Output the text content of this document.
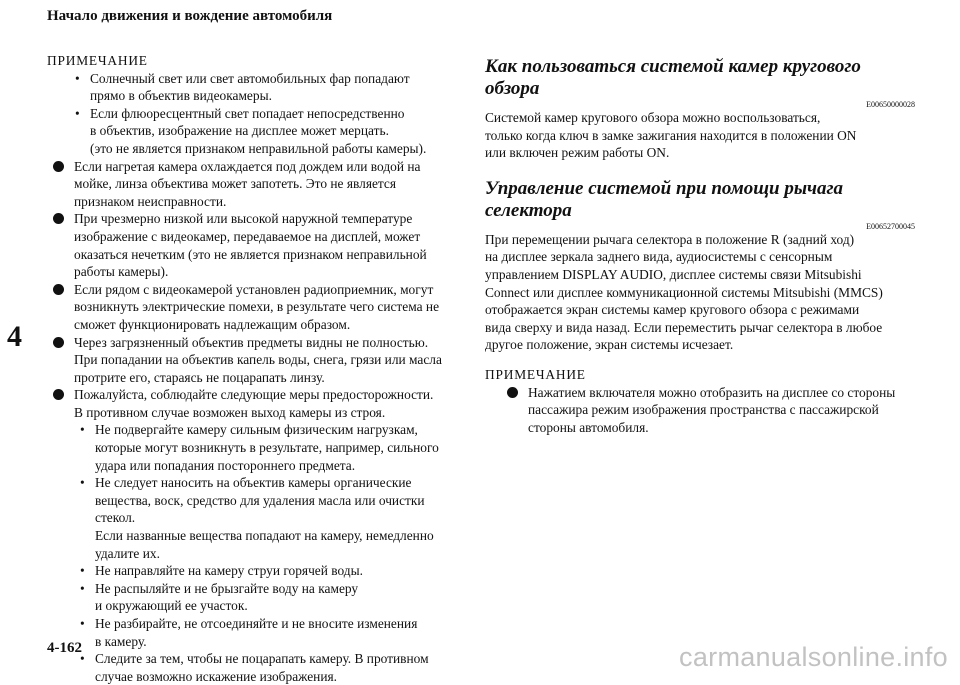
Начало движения и вождение автомобиля
4
ПРИМЕЧАНИЕ
• Солнечный свет или свет автомобильных фар попадают
прямо в объектив видеокамеры.
• Если флюоресцентный свет попадает непосредственно
в объектив, изображение на дисплее может мерцать.
(это не является признаком неправильной работы камеры).
Если нагретая камера охлаждается под дождем или водой на
мойке, линза объектива может запотеть. Это не является
признаком неисправности.
При чрезмерно низкой или высокой наружной температуре
изображение с видеокамер, передаваемое на дисплей, может
оказаться нечетким (это не является признаком неправильной
работы камеры).
Если рядом с видеокамерой установлен радиоприемник, могут
возникнуть электрические помехи, в результате чего система не
сможет функционировать надлежащим образом.
Через загрязненный объектив предметы видны не полностью.
При попадании на объектив капель воды, снега, грязи или масла
протрите его, стараясь не поцарапать линзу.
Пожалуйста, соблюдайте следующие меры предосторожности.
В противном случае возможен выход камеры из строя.
• Не подвергайте камеру сильным физическим нагрузкам,
которые могут возникнуть в результате, например, сильного
удара или попадания постороннего предмета.
• Не следует наносить на объектив камеры органические
вещества, воск, средство для удаления масла или очистки
стекол.
Если названные вещества попадают на камеру, немедленно
удалите их.
• Не направляйте на камеру струи горячей воды.
• Не распыляйте и не брызгайте воду на камеру
и окружающий ее участок.
• Не разбирайте, не отсоединяйте и не вносите изменения
в камеру.
• Следите за тем, чтобы не поцарапать камеру. В противном
случае возможно искажение изображения.
Как пользоваться системой камер кругового обзора
E00650000028
Системой камер кругового обзора можно воспользоваться,
только когда ключ в замке зажигания находится в положении ON
или включен режим работы ON.
Управление системой при помощи рычага селектора
E00652700045
При перемещении рычага селектора в положение R (задний ход)
на дисплее зеркала заднего вида, аудиосистемы с сенсорным
управлением DISPLAY AUDIO, дисплее системы связи Mitsubishi
Connect или дисплее коммуникационной системы Mitsubishi (MMCS)
отображается экран системы камер кругового обзора с режимами
вида сверху и вида назад. Если переместить рычаг селектора в любое
другое положение, экран системы исчезает.
ПРИМЕЧАНИЕ
Нажатием включателя можно отобразить на дисплее со стороны
пассажира режим изображения пространства с пассажирской
стороны автомобиля.
4-162	carmanualsonline.info
